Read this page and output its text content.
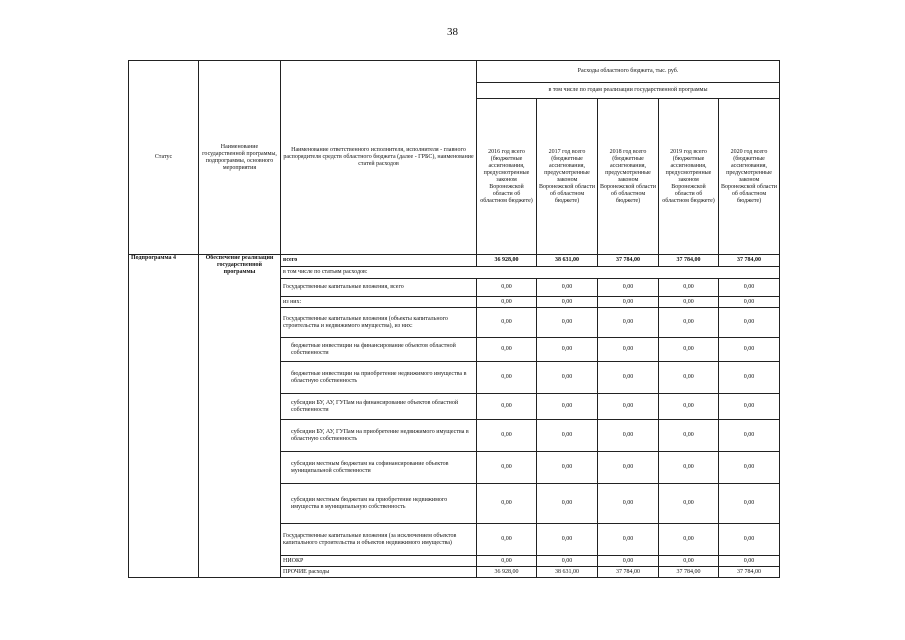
38
Статус	Наименование государственной программы, подпрограммы, основного мероприятия	Наименование ответственного исполнителя, исполнителя - главного распорядителя средств областного бюджета (далее - ГРБС), наименование статей расходов	Расходы областного бюджета, тыс. руб.				
			в том числе по годам реализации государственной программы				
			2016 год всего (бюджетные ассигнования, предусмотренные законом Воронежской области об областном бюджете)	2017 год всего (бюджетные ассигнования, предусмотренные законом Воронежской области об областном бюджете)	2018 год всего (бюджетные ассигнования, предусмотренные законом Воронежской области об областном бюджете)	2019 год всего (бюджетные ассигнования, предусмотренные законом Воронежской области об областном бюджете)	2020 год всего (бюджетные ассигнования, предусмотренные законом Воронежской области об областном бюджете)
Подпрограмма 4	Обеспечение реализации государственной программы	всего	36 928,00	38 631,00	37 784,00	37 784,00	37 784,00
		в том числе по статьям расходов:					
		Государственные капитальные вложения, всего	0,00	0,00	0,00	0,00	0,00
		из них:	0,00	0,00	0,00	0,00	0,00
		Государственные капитальные вложения (объекты капитального строительства и недвижимого имущества), из них:	0,00	0,00	0,00	0,00	0,00
		бюджетные инвестиции на финансирование объектов областной собственности	0,00	0,00	0,00	0,00	0,00
		бюджетные инвестиции на приобретение недвижимого имущества в областную собственность	0,00	0,00	0,00	0,00	0,00
		субсидии БУ, АУ, ГУПам на финансирование объектов областной собственности	0,00	0,00	0,00	0,00	0,00
		субсидии БУ, АУ, ГУПам на приобретение недвижимого имущества в областную собственность	0,00	0,00	0,00	0,00	0,00
		субсидии местным бюджетам на софинансирование объектов муниципальной собственности	0,00	0,00	0,00	0,00	0,00
		субсидии местным бюджетам на приобретение недвижимого имущества в муниципальную собственность	0,00	0,00	0,00	0,00	0,00
		Государственные капитальные вложения (за исключением объектов капитального строительства и объектов недвижимого имущества)	0,00	0,00	0,00	0,00	0,00
		НИОКР	0,00	0,00	0,00	0,00	0,00
		ПРОЧИЕ расходы	36 928,00	38 631,00	37 784,00	37 784,00	37 784,00
